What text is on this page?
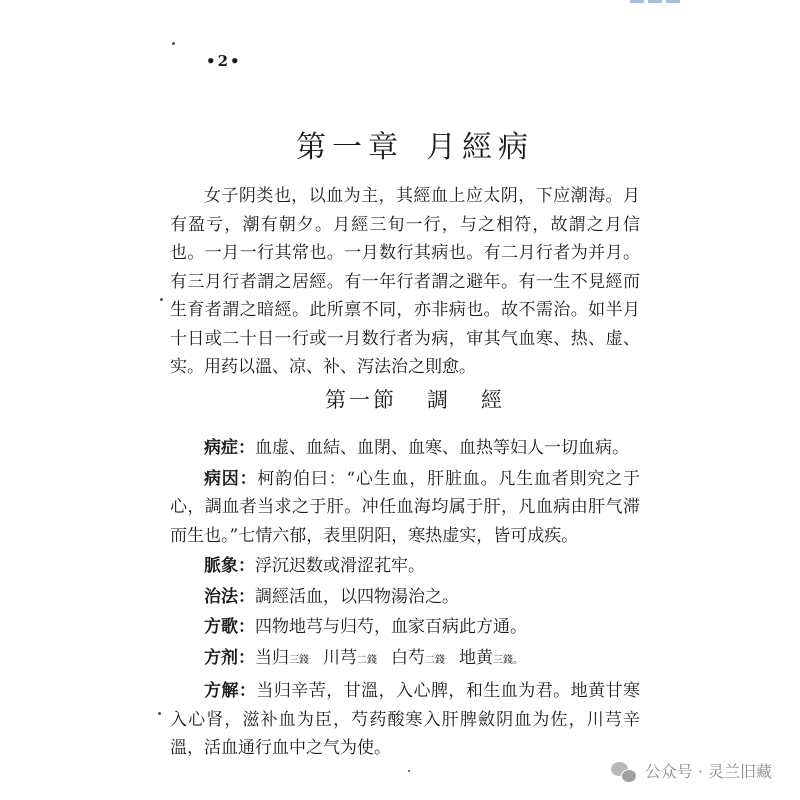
•2•
第一章 月經病

女子阴类也，以血为主，其經血上应太阴，下应潮海。月有盈亏，潮有朝夕。月經三旬一行，与之相符，故謂之月信也。一月一行其常也。一月数行其病也。有二月行者为并月。有三月行者謂之居經。有一年行者謂之避年。有一生不見經而生育者謂之暗經。此所禀不同，亦非病也。故不需治。如半月十日或二十日一行或一月数行者为病，审其气血寒、热、虚、实。用药以溫、凉、补、泻法治之則愈。

第一節 調 經

病症：血虚、血結、血閉、血寒、血热等妇人一切血病。

病因：柯韵伯曰：“心生血，肝脏血。凡生血者則究之于心，調血者当求之于肝。冲任血海均属于肝，凡血病由肝气滞而生也。”七情六郁，表里阴阳，寒热虚实，皆可成疾。

脈象：浮沉迟数或滑涩芤牢。

治法：調經活血，以四物湯治之。

方歌：四物地芎与归芍，血家百病此方通。

方剂：当归三錢 川芎二錢 白芍二錢 地黄三錢。

方解：当归辛苦，甘溫，入心脾，和生血为君。地黄甘寒入心肾，滋补血为臣，芍药酸寒入肝脾斂阴血为佐，川芎辛溫，活血通行血中之气为使。

公众号 · 灵兰旧藏
